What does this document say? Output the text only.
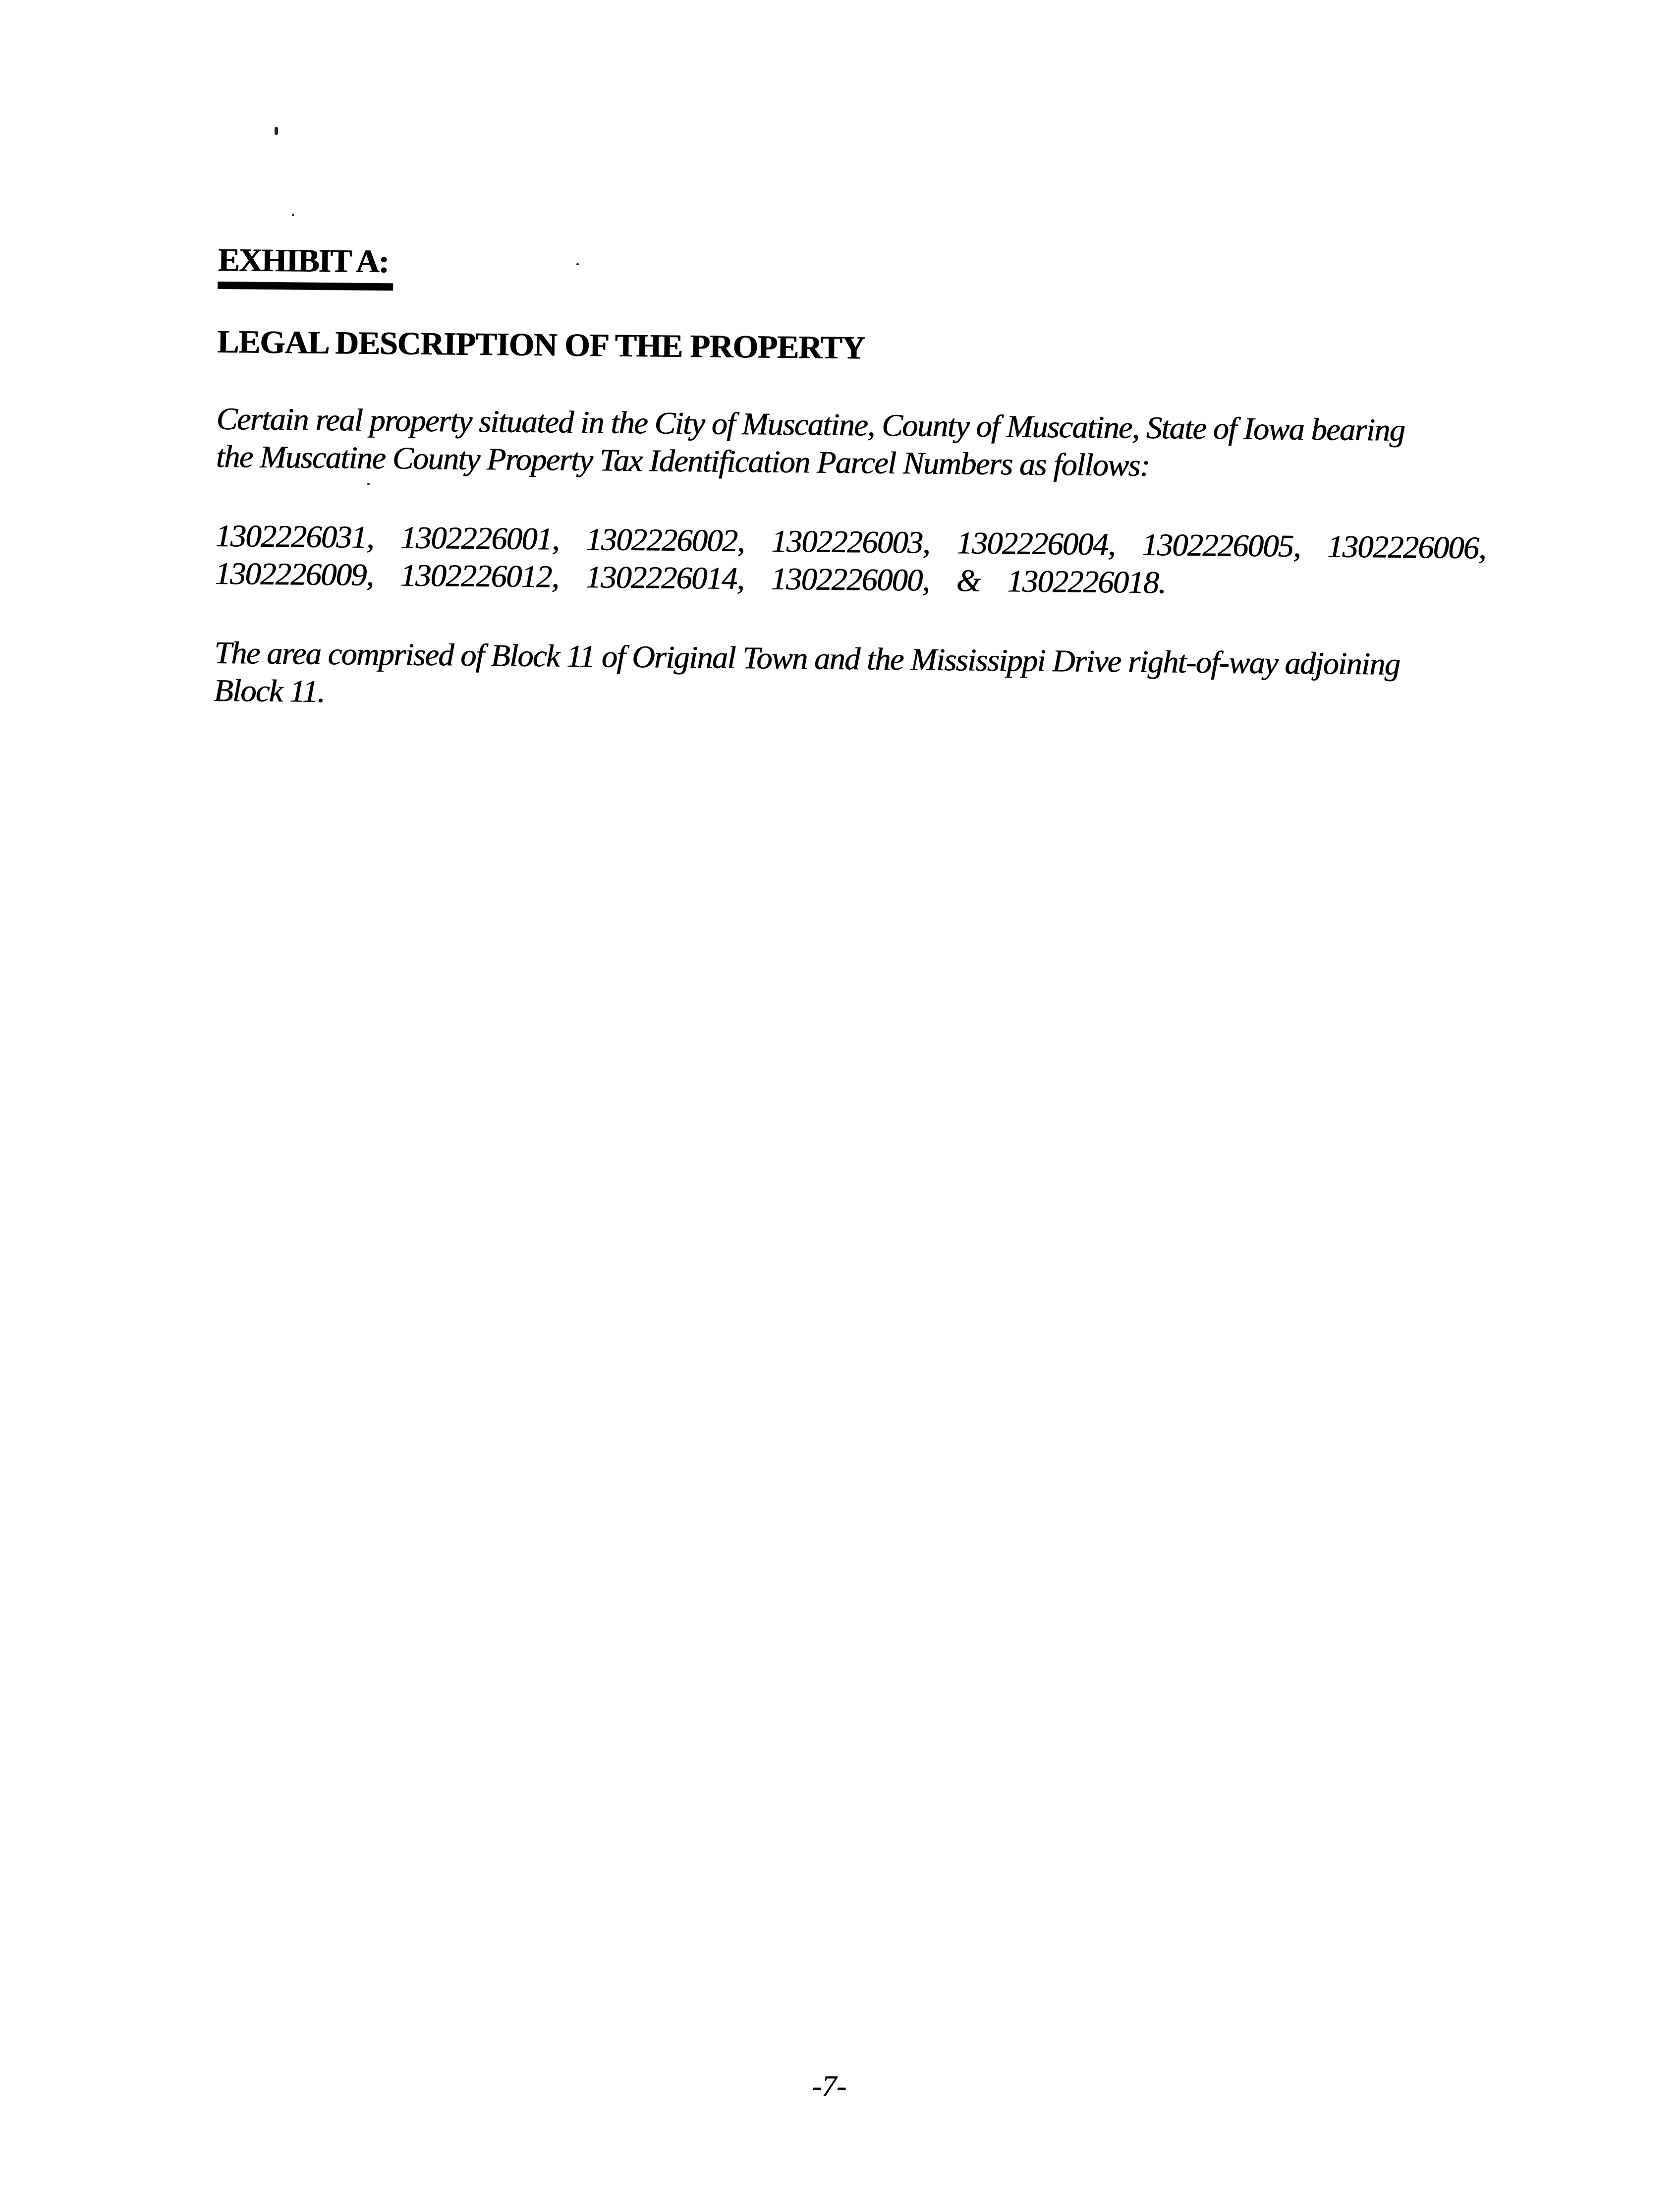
EXHIBIT A:
LEGAL DESCRIPTION OF THE PROPERTY
Certain real property situated in the City of Muscatine, County of Muscatine, State of Iowa bearing
the Muscatine County Property Tax Identification Parcel Numbers as follows:
1302226031, 1302226001, 1302226002, 1302226003, 1302226004, 1302226005, 1302226006,
1302226009, 1302226012, 1302226014, 1302226000, & 1302226018.
The area comprised of Block 11 of Original Town and the Mississippi Drive right-of-way adjoining
Block 11.
-7-
